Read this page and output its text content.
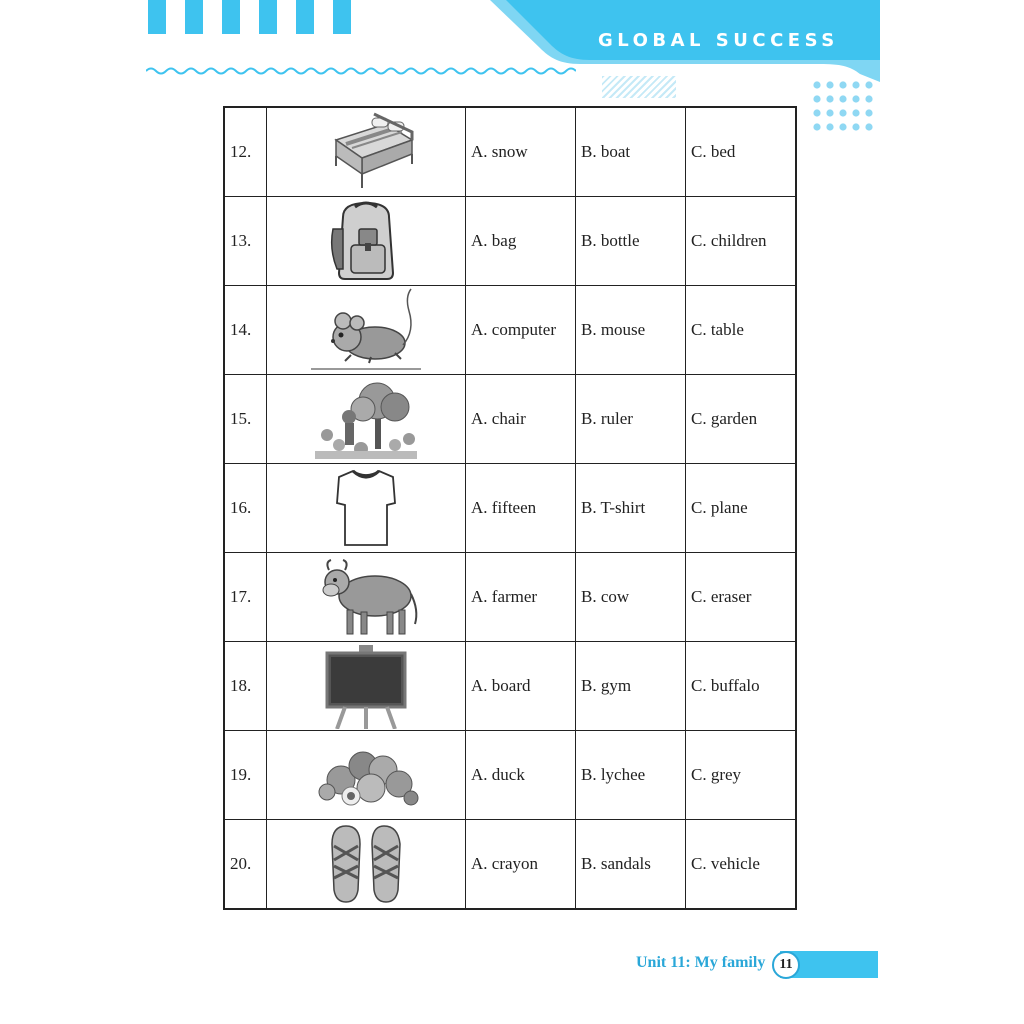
GLOBAL SUCCESS
12.		A. snow	B. boat	C. bed
13.		A. bag	B. bottle	C. children
14.		A. computer	B. mouse	C. table
15.		A. chair	B. ruler	C. garden
16.		A. fifteen	B. T-shirt	C. plane
17.		A. farmer	B. cow	C. eraser
18.		A. board	B. gym	C. buffalo
19.		A. duck	B. lychee	C. grey
20.		A. crayon	B. sandals	C. vehicle
Unit 11: My family	11
